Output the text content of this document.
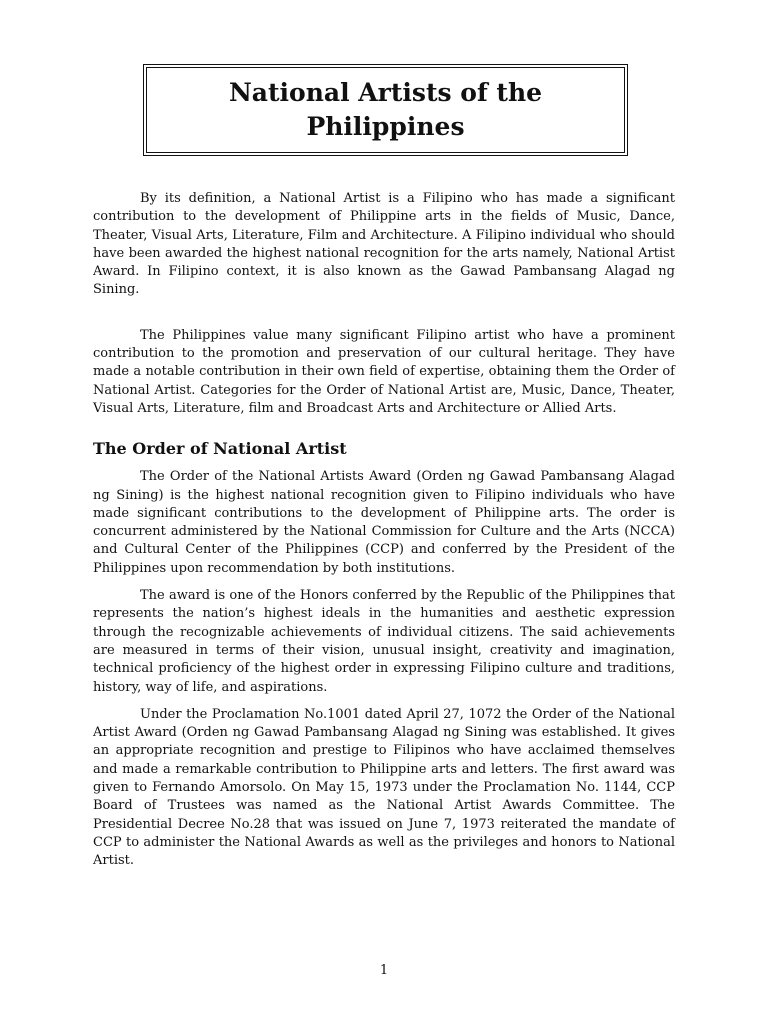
National Artists of the
Philippines

By its definition, a National Artist is a Filipino who has made a significant contribution to the development of Philippine arts in the fields of Music, Dance, Theater, Visual Arts, Literature, Film and Architecture. A Filipino individual who should have been awarded the highest national recognition for the arts namely, National Artist Award. In Filipino context, it is also known as the Gawad Pambansang Alagad ng Sining.

The Philippines value many significant Filipino artist who have a prominent contribution to the promotion and preservation of our cultural heritage. They have made a notable contribution in their own field of expertise, obtaining them the Order of National Artist. Categories for the Order of National Artist are, Music, Dance, Theater, Visual Arts, Literature, film and Broadcast Arts and Architecture or Allied Arts.

The Order of National Artist

The Order of the National Artists Award (Orden ng Gawad Pambansang Alagad ng Sining) is the highest national recognition given to Filipino individuals who have made significant contributions to the development of Philippine arts. The order is concurrent administered by the National Commission for Culture and the Arts (NCCA) and Cultural Center of the Philippines (CCP) and conferred by the President of the Philippines upon recommendation by both institutions.

The award is one of the Honors conferred by the Republic of the Philippines that represents the nation’s highest ideals in the humanities and aesthetic expression through the recognizable achievements of individual citizens. The said achievements are measured in terms of their vision, unusual insight, creativity and imagination, technical proficiency of the highest order in expressing Filipino culture and traditions, history, way of life, and aspirations.

Under the Proclamation No.1001 dated April 27, 1072 the Order of the National Artist Award (Orden ng Gawad Pambansang Alagad ng Sining was established. It gives an appropriate recognition and prestige to Filipinos who have acclaimed themselves and made a remarkable contribution to Philippine arts and letters. The first award was given to Fernando Amorsolo. On May 15, 1973 under the Proclamation No. 1144, CCP Board of Trustees was named as the National Artist Awards Committee. The Presidential Decree No.28 that was issued on June 7, 1973 reiterated the mandate of CCP to administer the National Awards as well as the privileges and honors to National Artist.

1
